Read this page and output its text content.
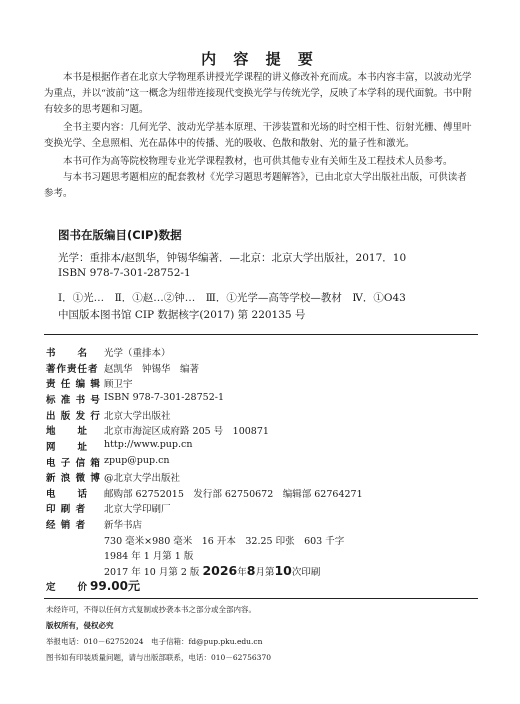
内 容 提 要
本书是根据作者在北京大学物理系讲授光学课程的讲义修改补充而成。本书内容丰富，以波动光学为重点，并以“波前”这一概念为纽带连接现代变换光学与传统光学，反映了本学科的现代面貌。书中附有较多的思考题和习题。
全书主要内容：几何光学、波动光学基本原理、干涉装置和光场的时空相干性、衍射光栅、傅里叶变换光学、全息照相、光在晶体中的传播、光的吸收、色散和散射、光的量子性和激光。
本书可作为高等院校物理专业光学课程教材，也可供其他专业有关师生及工程技术人员参考。
与本书习题思考题相应的配套教材《光学习题思考题解答》，已由北京大学出版社出版，可供读者参考。
图书在版编目(CIP)数据
光学：重排本/赵凯华，钟锡华编著．—北京：北京大学出版社，2017．10
ISBN 978-7-301-28752-1
Ⅰ．①光…　Ⅱ．①赵…②钟…　Ⅲ．①光学—高等学校—教材　Ⅳ．①O43
中国版本图书馆 CIP 数据核字(2017) 第 220135 号
书　　名	光学（重排本）
著作责任者 赵凯华　钟锡华　编著
责 任 编 辑 顾卫宇
标 准 书 号 ISBN 978-7-301-28752-1
出 版 发 行 北京大学出版社
地　　址	北京市海淀区成府路 205 号　100871
网　　址	http://www.pup.cn
电 子 信 箱 zpup@pup.cn
新 浪 微 博 @北京大学出版社
电　　话	邮购部 62752015　发行部 62750672　编辑部 62764271
印 刷 者	北京大学印刷厂
经 销 者	新华书店
730 毫米×980 毫米　16 开本　32.25 印张　603 千字
1984 年 1 月第 1 版
2017 年 10 月第 2 版 2026年8月第10次印刷
定　　价 99.00元
未经许可，不得以任何方式复制或抄袭本书之部分或全部内容。
版权所有，侵权必究
举报电话：010－62752024　电子信箱：fd@pup.pku.edu.cn
图书如有印装质量问题，请与出版部联系，电话：010－62756370
